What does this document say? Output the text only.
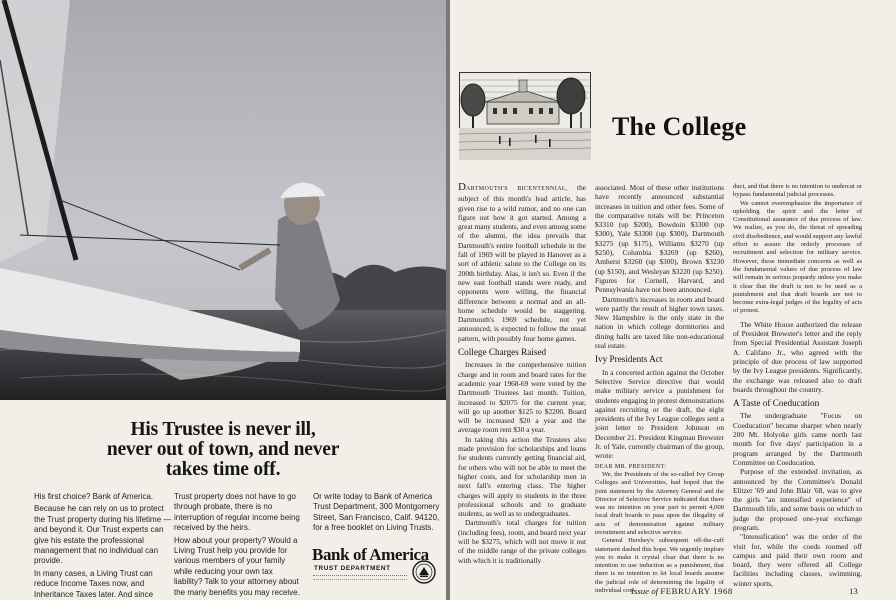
His Trustee is never ill,
never out of town, and never
takes time off.

His first choice? Bank of America.

Because he can rely on us to protect the Trust property during his lifetime — and beyond it. Our Trust experts can give his estate the professional management that no individual can provide.

In many cases, a Living Trust can reduce Income Taxes now, and Inheritance Taxes later. And since

Trust property does not have to go through probate, there is no interruption of regular income being received by the heirs.

How about your property? Would a Living Trust help you provide for various members of your family while reducing your own tax liability? Talk to your attorney about the many benefits you may receive.

Or write today to Bank of America Trust Department, 300 Montgomery Street, San Francisco, Calif. 94120, for a free booklet on Living Trusts.

Bank of America
TRUST DEPARTMENT
The College

DARTMOUTH'S BICENTENNIAL, the subject of this month's lead article, has given rise to a wild rumor, and no one can figure out how it got started. Among a great many students, and even among some of the alumni, the idea prevails that Dartmouth's entire football schedule in the fall of 1969 will be played in Hanover as a sort of athletic salute to the College on its 200th birthday. Alas, it isn't so. Even if the new east football stands were ready, and opponents were willing, the financial difference between a normal and an all-home schedule would be staggering. Dartmouth's 1969 schedule, not yet announced, is expected to follow the usual pattern, with possibly four home games.

College Charges Raised

Increases in the comprehensive tuition charge and in room and board rates for the academic year 1968-69 were voted by the Dartmouth Trustees last month. Tuition, increased to $2075 for the current year, will go up another $125 to $2200. Board will be increased $20 a year and the average room rent $30 a year.

In taking this action the Trustees also made provision for scholarships and loans for students currently getting financial aid, for others who will not be able to meet the higher costs, and for scholarship men in next fall's entering class. The higher charges will apply to students in the three professional schools and to graduate students, as well as to undergraduates.

Dartmouth's total charges for tuition (including fees), room, and board next year will be $3275, which will not move it out of the middle range of the private colleges with which it is traditionally

associated. Most of these other institutions have recently announced substantial increases in tuition and other fees. Some of the comparative totals will be: Princeton $3310 (up $200), Bowdoin $3300 (up $300), Yale $3300 (up $300), Dartmouth $3275 (up $175), Williams $3270 (up $250), Columbia $3269 (up $260), Amherst $3260 (up $300), Brown $3230 (up $150), and Wesleyan $3220 (up $250). Figures for Cornell, Harvard, and Pennsylvania have not been announced.

Dartmouth's increases in room and board were partly the result of higher town taxes. New Hampshire is the only state in the nation in which college dormitories and dining halls are taxed like non-educational real estate.

Ivy Presidents Act

In a concerted action against the October Selective Service directive that would make military service a punishment for students engaging in protest demonstrations against recruiting or the draft, the eight presidents of the Ivy League colleges sent a joint letter to President Johnson on December 21. President Kingman Brewster Jr. of Yale, currently chairman of the group, wrote:

DEAR MR. PRESIDENT:

We, the Presidents of the so-called Ivy Group Colleges and Universities, had hoped that the joint statement by the Attorney General and the Director of Selective Service indicated that there was no intention on your part to permit 4,000 local draft boards to pass upon the illegality of acts of demonstration against military recruitment and selective service.

General Hershey's subsequent off-the-cuff statement dashed this hope. We urgently implore you to make it crystal clear that there is no intention to use induction as a punishment, that there is no intention to let local boards assume the judicial role of determining the legality of individual con-

duct, and that there is no intention to undercut or bypass fundamental judicial processes.

We cannot overemphasize the importance of upholding the spirit and the letter of Constitutional assurance of due process of law. We realize, as you do, the threat of spreading civil disobedience, and would support any lawful effort to assure the orderly processes of recruitment and selection for military service. However, these immediate concerns as well as the fundamental values of due process of law will remain in serious jeopardy unless you make it clear that the draft is not to be used as a punishment and that draft boards are not to become extra-legal judges of the legality of acts of protest.

The White House authorized the release of President Brewster's letter and the reply from Special Presidential Assistant Joseph A. Califano Jr., who agreed with the principle of due process of law supported by the Ivy League presidents. Significantly, the exchange was released also to draft boards throughout the country.

A Taste of Coeducation

The undergraduate "Focus on Coeducation" became sharper when nearly 200 Mt. Holyoke girls came north last month for five days' participation in a program arranged by the Dartmouth Committee on Coeducation.

Purpose of the extended invitation, as announced by the Committee's Donald Elitzer '69 and John Blair '68, was to give the girls "an intensified experience" of Dartmouth life, and some basis on which to judge the proposed one-year exchange program.

"Intensification" was the order of the visit for, while the coeds roomed off campus and paid their own room and board, they were offered all College facilities including classes, swimming, winter sports,

Issue of FEBRUARY 1968	13
